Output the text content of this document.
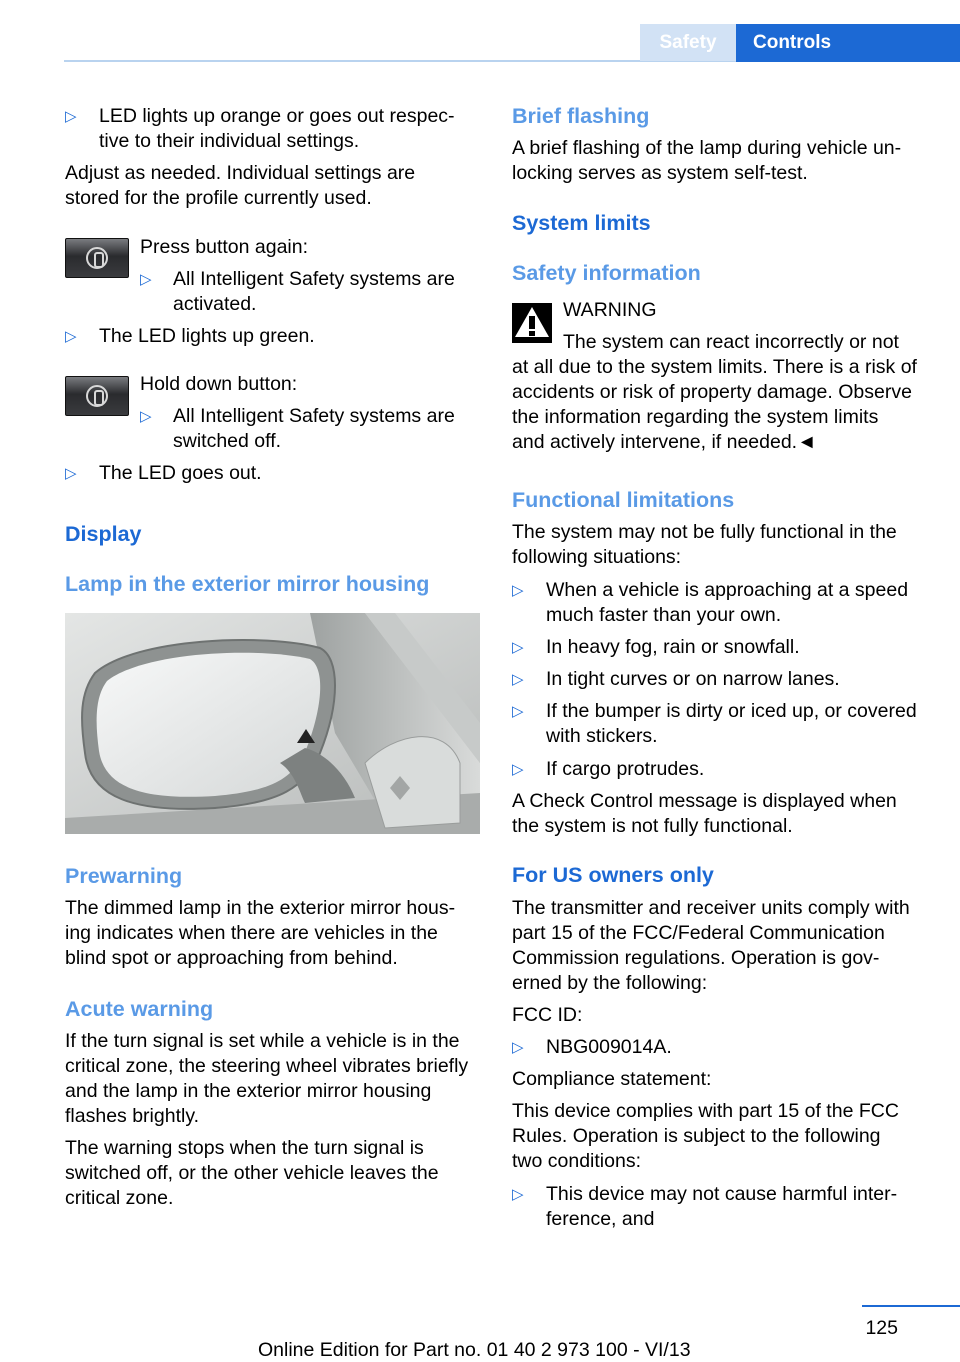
Safety	Controls
▷ LED lights up orange or goes out respec-
tive to their individual settings.
Adjust as needed. Individual settings are
stored for the profile currently used.
Press button again:
▷ All Intelligent Safety systems are
activated.
▷ The LED lights up green.
Hold down button:
▷ All Intelligent Safety systems are
switched off.
▷ The LED goes out.
Display
Lamp in the exterior mirror housing
Prewarning
The dimmed lamp in the exterior mirror hous-
ing indicates when there are vehicles in the
blind spot or approaching from behind.
Acute warning
If the turn signal is set while a vehicle is in the
critical zone, the steering wheel vibrates briefly
and the lamp in the exterior mirror housing
flashes brightly.
The warning stops when the turn signal is
switched off, or the other vehicle leaves the
critical zone.
Brief flashing
A brief flashing of the lamp during vehicle un-
locking serves as system self-test.
System limits
Safety information
WARNING
The system can react incorrectly or not
at all due to the system limits. There is a risk of
accidents or risk of property damage. Observe
the information regarding the system limits
and actively intervene, if needed.◄
Functional limitations
The system may not be fully functional in the
following situations:
▷ When a vehicle is approaching at a speed
much faster than your own.
▷ In heavy fog, rain or snowfall.
▷ In tight curves or on narrow lanes.
▷ If the bumper is dirty or iced up, or covered
with stickers.
▷ If cargo protrudes.
A Check Control message is displayed when
the system is not fully functional.
For US owners only
The transmitter and receiver units comply with
part 15 of the FCC/Federal Communication
Commission regulations. Operation is gov-
erned by the following:
FCC ID:
▷ NBG009014A.
Compliance statement:
This device complies with part 15 of the FCC
Rules. Operation is subject to the following
two conditions:
▷ This device may not cause harmful inter-
ference, and
125
Online Edition for Part no. 01 40 2 973 100 - VI/13
